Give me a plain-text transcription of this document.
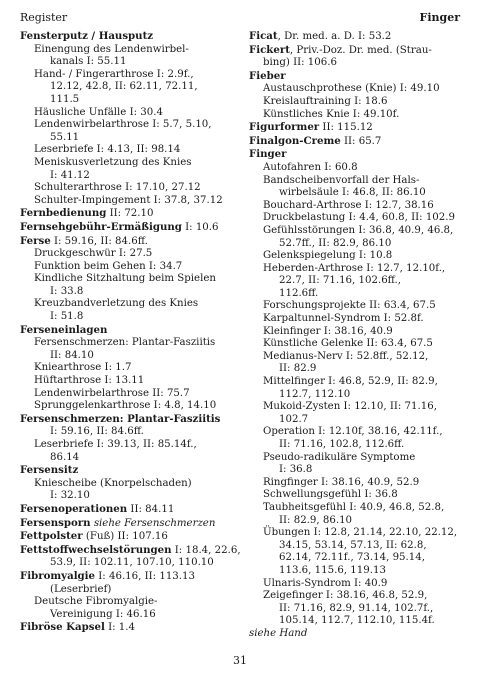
Register	Finger

Fensterputz / Hausputz

Einengung des Lendenwirbel-

kanals I: 55.11

Hand- / Fingerarthrose I: 2.9f.,

12.12, 42.8, II: 62.11, 72.11,

111.5

Häusliche Unfälle I: 30.4

Lendenwirbelarthrose I: 5.7, 5.10,

55.11

Leserbriefe I: 4.13, II: 98.14

Meniskusverletzung des Knies

I: 41.12

Schulterarthrose I: 17.10, 27.12

Schulter-Impingement I: 37.8, 37.12

Fernbedienung II: 72.10

Fernsehgebühr-Ermäßigung I: 10.6

Ferse I: 59.16, II: 84.6ff.

Druckgeschwür I: 27.5

Funktion beim Gehen I: 34.7

Kindliche Sitzhaltung beim Spielen

I: 33.8

Kreuzbandverletzung des Knies

I: 51.8

Ferseneinlagen

Fersenschmerzen: Plantar-Fasziitis

II: 84.10

Kniearthrose I: 1.7

Hüftarthrose I: 13.11

Lendenwirbelarthrose II: 75.7

Sprunggelenkarthrose I: 4.8, 14.10

Fersenschmerzen: Plantar-Fasziitis

I: 59.16, II: 84.6ff.

Leserbriefe I: 39.13, II: 85.14f.,

86.14

Fersensitz

Kniescheibe (Knorpelschaden)

I: 32.10

Fersenoperationen II: 84.11

Fersensporn siehe Fersenschmerzen

Fettpolster (Fuß) II: 107.16

Fettstoffwechselstörungen I: 18.4, 22.6,

53.9, II: 102.11, 107.10, 110.10

Fibromyalgie I: 46.16, II: 113.13

(Leserbrief)

Deutsche Fibromyalgie-

Vereinigung I: 46.16

Fibröse Kapsel I: 1.4

Ficat, Dr. med. a. D. I: 53.2

Fickert, Priv.-Doz. Dr. med. (Strau-

bing) II: 106.6

Fieber

Austauschprothese (Knie) I: 49.10

Kreislauftraining I: 18.6

Künstliches Knie I: 49.10f.

Figurformer II: 115.12

Finalgon-Creme II: 65.7

Finger

Autofahren I: 60.8

Bandscheibenvorfall der Hals-

wirbelsäule I: 46.8, II: 86.10

Bouchard-Arthrose I: 12.7, 38.16

Druckbelastung I: 4.4, 60.8, II: 102.9

Gefühlsstörungen I: 36.8, 40.9, 46.8,

52.7ff., II: 82.9, 86.10

Gelenkspiegelung I: 10.8

Heberden-Arthrose I: 12.7, 12.10f.,

22.7, II: 71.16, 102.6ff.,

112.6ff.

Forschungsprojekte II: 63.4, 67.5

Karpaltunnel-Syndrom I: 52.8f.

Kleinfinger I: 38.16, 40.9

Künstliche Gelenke II: 63.4, 67.5

Medianus-Nerv I: 52.8ff., 52.12,

II: 82.9

Mittelfinger I: 46.8, 52.9, II: 82.9,

112.7, 112.10

Mukoid-Zysten I: 12.10, II: 71.16,

102.7

Operation I: 12.10f, 38.16, 42.11f.,

II: 71.16, 102.8, 112.6ff.

Pseudo-radikuläre Symptome

I: 36.8

Ringfinger I: 38.16, 40.9, 52.9

Schwellungsgefühl I: 36.8

Taubheitsgefühl I: 40.9, 46.8, 52.8,

II: 82.9, 86.10

Übungen I: 12.8, 21.14, 22.10, 22.12,

34.15, 53.14, 57.13, II: 62.8,

62.14, 72.11f., 73.14, 95.14,

113.6, 115.6, 119.13

Ulnaris-Syndrom I: 40.9

Zeigefinger I: 38.16, 46.8, 52.9,

II: 71.16, 82.9, 91.14, 102.7f.,

105.14, 112.7, 112.10, 115.4f.

siehe Hand

31
